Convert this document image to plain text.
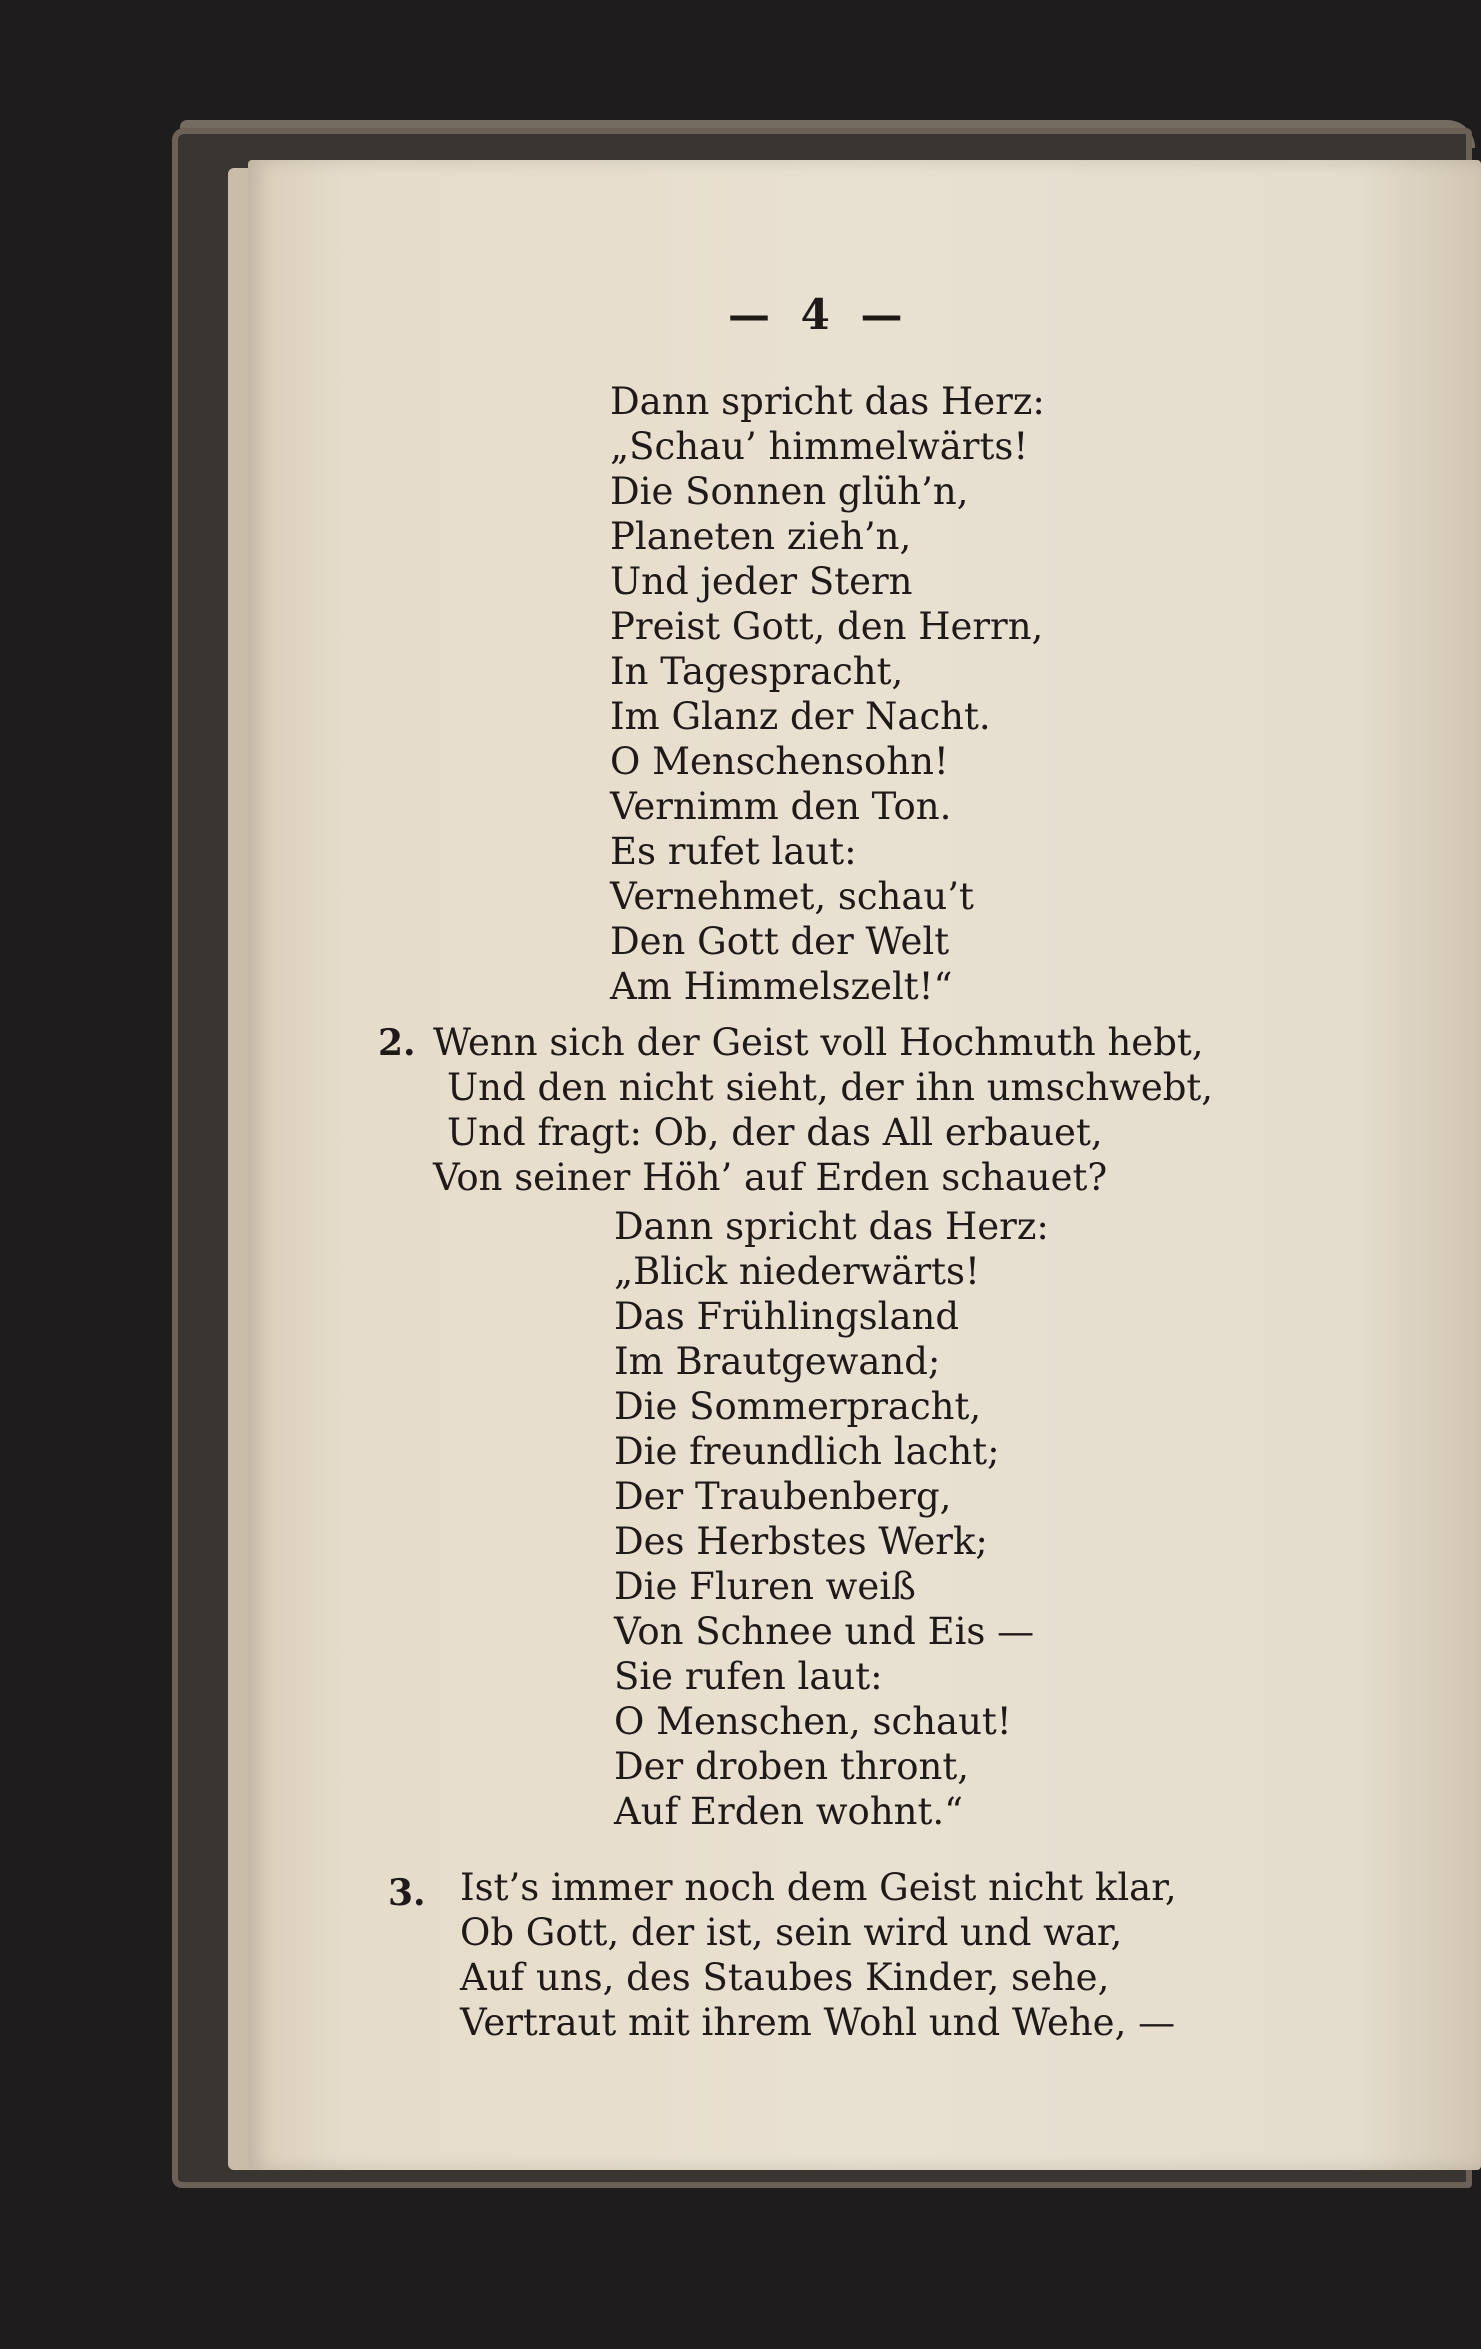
— 4 —
Dann spricht das Herz:
„Schau’ himmelwärts!
Die Sonnen glüh’n,
Planeten zieh’n,
Und jeder Stern
Preist Gott, den Herrn,
In Tagespracht,
Im Glanz der Nacht.
O Menschensohn!
Vernimm den Ton.
Es rufet laut:
Vernehmet, schau’t
Den Gott der Welt
Am Himmelszelt!“
2. Wenn sich der Geist voll Hochmuth hebt,
Und den nicht sieht, der ihn umschwebt,
Und fragt: Ob, der das All erbauet,
Von seiner Höh’ auf Erden schauet?
Dann spricht das Herz:
„Blick niederwärts!
Das Frühlingsland
Im Brautgewand;
Die Sommerpracht,
Die freundlich lacht;
Der Traubenberg,
Des Herbstes Werk;
Die Fluren weiß
Von Schnee und Eis —
Sie rufen laut:
O Menschen, schaut!
Der droben thront,
Auf Erden wohnt.“
3. Ist’s immer noch dem Geist nicht klar,
Ob Gott, der ist, sein wird und war,
Auf uns, des Staubes Kinder, sehe,
Vertraut mit ihrem Wohl und Wehe, —
